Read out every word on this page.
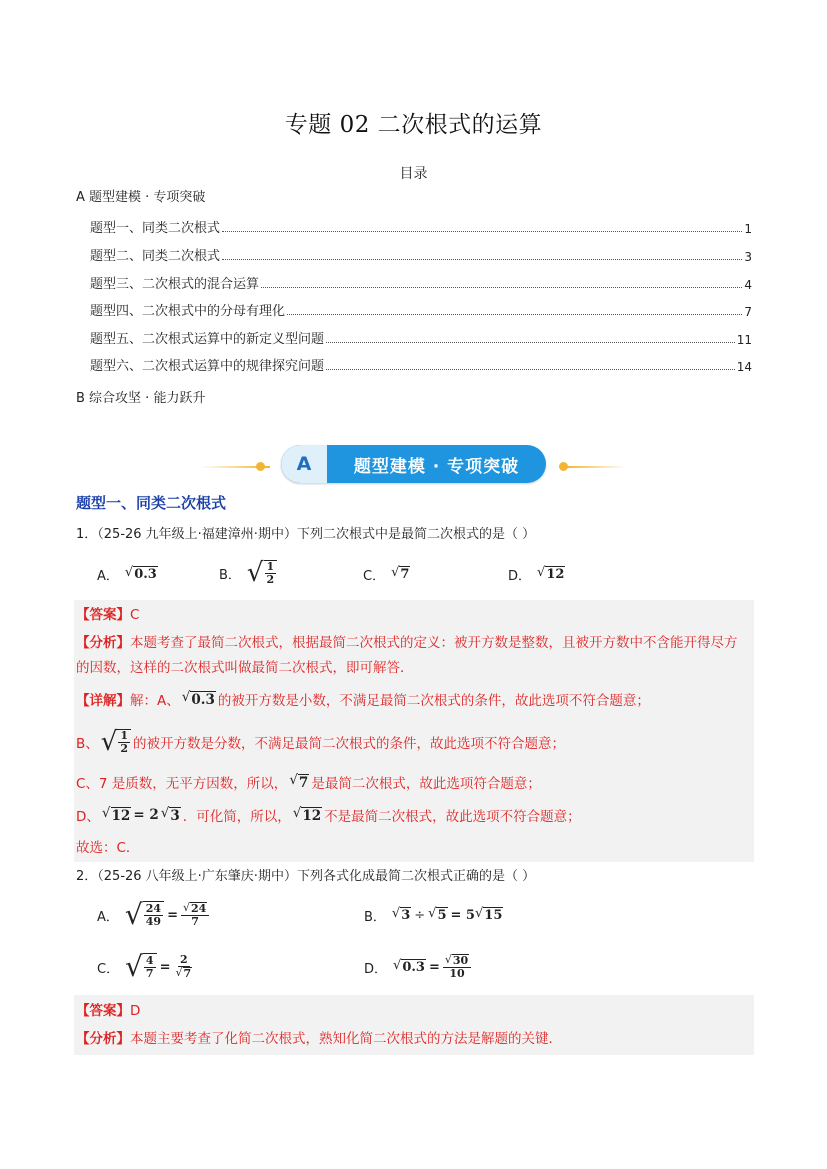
专题 02 二次根式的运算
目录
A 题型建模 · 专项突破
题型一、同类二次根式	1
题型二、同类二次根式	3
题型三、二次根式的混合运算	4
题型四、二次根式中的分母有理化	7
题型五、二次根式运算中的新定义型问题	11
题型六、二次根式运算中的规律探究问题	14
B 综合攻坚 · 能力跃升
A	题型建模 · 专项突破
题型一、同类二次根式
1．（25-26 九年级上·福建漳州·期中）下列二次根式中是最简二次根式的是（ ）
A． √ 0.3	B． √ $\frac{1}{2}$	C． √ 7	D． √ 12
【答案】C
【分析】本题考查了最简二次根式，根据最简二次根式的定义：被开方数是整数，且被开方数中不含能开得尽方的因数，这样的二次根式叫做最简二次根式，即可解答．
【详解】 解：A、 √ 0.3 的被开方数是小数，不满足最简二次根式的条件，故此选项不符合题意；
B、 √ $\frac{1}{2}$ 的被开方数是分数，不满足最简二次根式的条件，故此选项不符合题意；
C、7 是质数，无平方因数，所以， √ 7 是最简二次根式，故此选项符合题意；
D、 √ 12 = 2 √ 3 ．可化简，所以， √ 12 不是最简二次根式，故此选项不符合题意；
故选：C．
2．（25-26 八年级上·广东肇庆·期中）下列各式化成最简二次根式正确的是（ ）
A． √ $\frac{24}{49} = \frac{√ 24}{7}$	B． √ 3 ÷ √ 5 = 5 √ 15
C． √ $\frac{4}{7} = \frac{2}{√ 7}$	D． √ $0.3 = \frac{√ 30}{10}$
【答案】D
【分析】本题主要考查了化简二次根式，熟知化简二次根式的方法是解题的关键．
